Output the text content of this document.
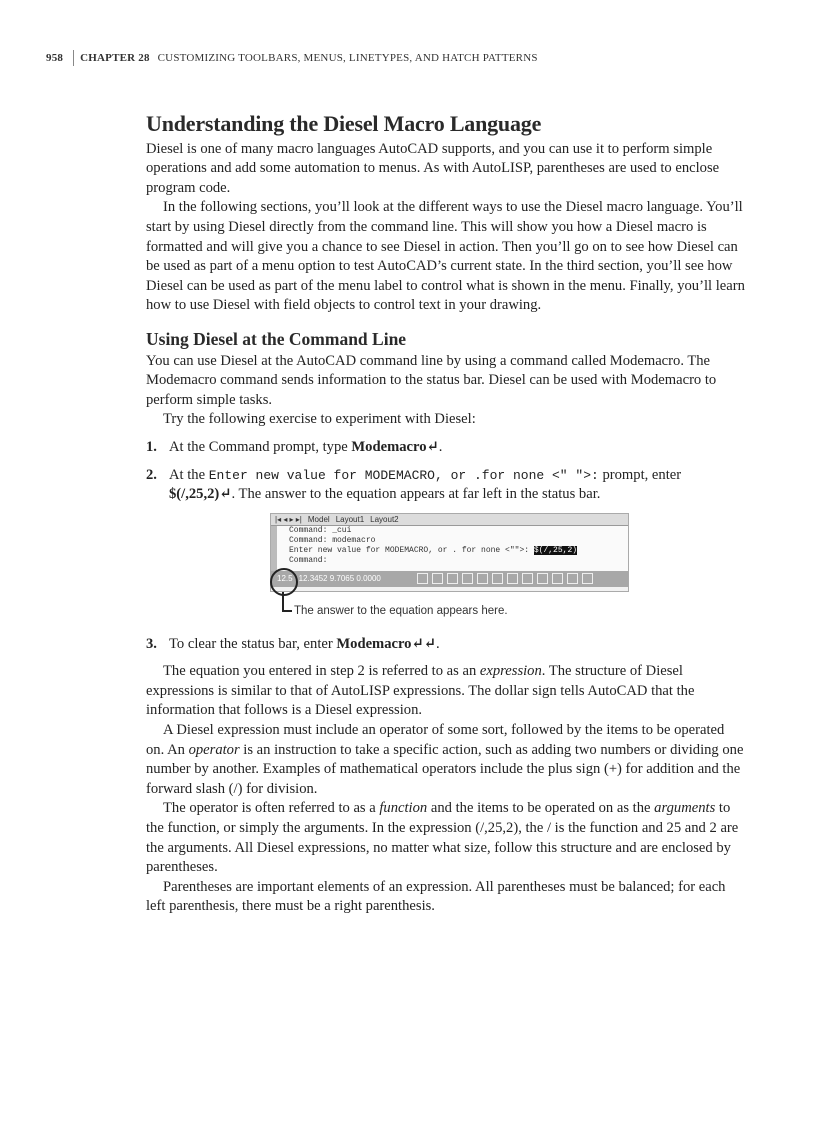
958 CHAPTER 28 CUSTOMIZING TOOLBARS, MENUS, LINETYPES, AND HATCH PATTERNS
Understanding the Diesel Macro Language

Diesel is one of many macro languages AutoCAD supports, and you can use it to perform simple operations and add some automation to menus. As with AutoLISP, parentheses are used to enclose program code.

In the following sections, you’ll look at the different ways to use the Diesel macro language. You’ll start by using Diesel directly from the command line. This will show you how a Diesel macro is formatted and will give you a chance to see Diesel in action. Then you’ll go on to see how Diesel can be used as part of a menu option to test AutoCAD’s current state. In the third section, you’ll see how Diesel can be used as part of the menu label to control what is shown in the menu. Finally, you’ll learn how to use Diesel with field objects to control text in your drawing.

Using Diesel at the Command Line

You can use Diesel at the AutoCAD command line by using a command called Modemacro. The Modemacro command sends information to the status bar. Diesel can be used with Modemacro to perform simple tasks.

Try the following exercise to experiment with Diesel:

1. At the Command prompt, type Modemacro↵.
2. At the Enter new value for MODEMACRO, or .for none <" ">: prompt, enter
$(/,25,2)↵. The answer to the equation appears at far left in the status bar.
|◂ ◂ ▸ ▸| Model Layout1 Layout2
Command: _cui
Command: modemacro
Enter new value for MODEMACRO, or . for none <"">: $(/,25,2)
Command:
12.5 12.3452 9.7065 0.0000
The answer to the equation appears here.
3. To clear the status bar, enter Modemacro↵↵.

The equation you entered in step 2 is referred to as an expression. The structure of Diesel expressions is similar to that of AutoLISP expressions. The dollar sign tells AutoCAD that the information that follows is a Diesel expression.

A Diesel expression must include an operator of some sort, followed by the items to be operated on. An operator is an instruction to take a specific action, such as adding two numbers or dividing one number by another. Examples of mathematical operators include the plus sign (+) for addition and the forward slash (/) for division.

The operator is often referred to as a function and the items to be operated on as the arguments to the function, or simply the arguments. In the expression (/,25,2), the / is the function and 25 and 2 are the arguments. All Diesel expressions, no matter what size, follow this structure and are enclosed by parentheses.

Parentheses are important elements of an expression. All parentheses must be balanced; for each left parenthesis, there must be a right parenthesis.
